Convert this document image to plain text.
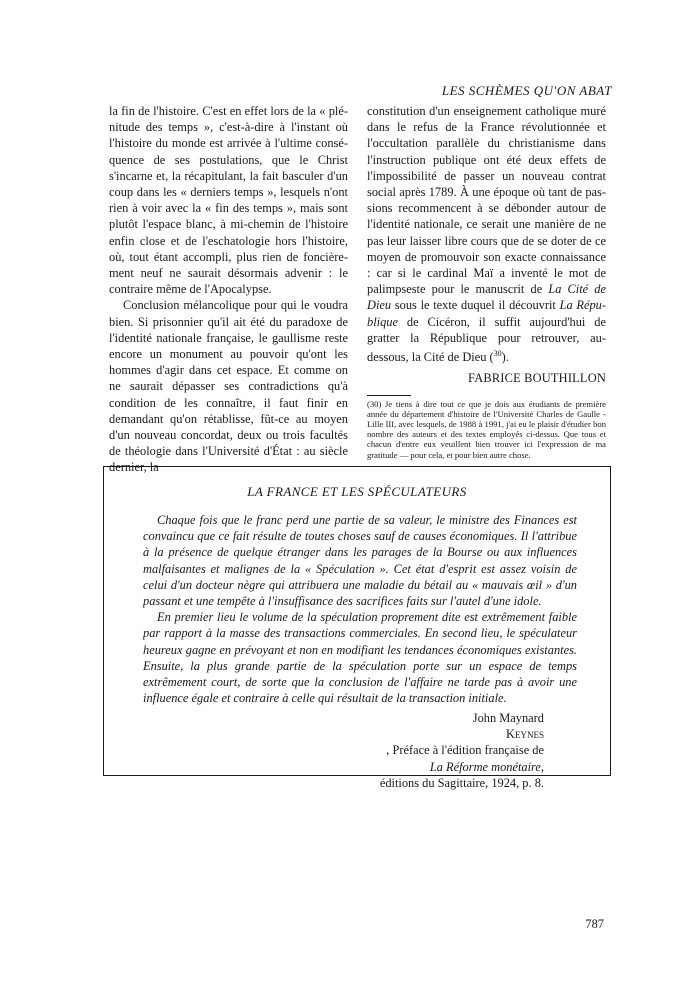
LES SCHÈMES QU'ON ABAT

la fin de l'histoire. C'est en effet lors de la « plénitude des temps », c'est-à-dire à l'instant où l'histoire du monde est arrivée à l'ultime conséquence de ses postulations, que le Christ s'incarne et, la récapitulant, la fait basculer d'un coup dans les « derniers temps », lesquels n'ont rien à voir avec la « fin des temps », mais sont plutôt l'espace blanc, à mi-chemin de l'histoire enfin close et de l'eschatologie hors l'histoire, où, tout étant accompli, plus rien de foncièrement neuf ne saurait désormais advenir : le contraire même de l'Apocalypse.

Conclusion mélancolique pour qui le voudra bien. Si prisonnier qu'il ait été du paradoxe de l'identité nationale française, le gaullisme reste encore un monument au pouvoir qu'ont les hommes d'agir dans cet espace. Et comme on ne saurait dépasser ses contradictions qu'à condition de les connaître, il faut finir en demandant qu'on rétablisse, fût-ce au moyen d'un nouveau concordat, deux ou trois facultés de théologie dans l'Université d'État : au siècle dernier, la

constitution d'un enseignement catholique muré dans le refus de la France révolutionnée et l'occultation parallèle du christianisme dans l'instruction publique ont été deux effets de l'impossibilité de passer un nouveau contrat social après 1789. À une époque où tant de passions recommencent à se débonder autour de l'identité nationale, ce serait une manière de ne pas leur laisser libre cours que de se doter de ce moyen de promouvoir son exacte connaissance : car si le cardinal Maï a inventé le mot de palimpseste pour le manuscrit de La Cité de Dieu sous le texte duquel il découvrit La République de Cicéron, il suffit aujourd'hui de gratter la République pour retrouver, au-dessous, la Cité de Dieu ($^{30}$).

FABRICE BOUTHILLON
(30) Je tiens à dire tout ce que je dois aux étudiants de première année du département d'histoire de l'Université Charles de Gaulle - Lille III, avec lesquels, de 1988 à 1991, j'ai eu le plaisir d'étudier bon nombre des auteurs et des textes employés ci-dessus. Que tous et chacun d'entre eux veuillent bien trouver ici l'expression de ma gratitude — pour cela, et pour bien autre chose.
LA FRANCE ET LES SPÉCULATEURS

Chaque fois que le franc perd une partie de sa valeur, le ministre des Finances est convaincu que ce fait résulte de toutes choses sauf de causes économiques. Il l'attribue à la présence de quelque étranger dans les parages de la Bourse ou aux influences malfaisantes et malignes de la « Spéculation ». Cet état d'esprit est assez voisin de celui d'un docteur nègre qui attribuera une maladie du bétail au « mauvais œil » d'un passant et une tempête à l'insuffisance des sacrifices faits sur l'autel d'une idole.

En premier lieu le volume de la spéculation proprement dite est extrêmement faible par rapport à la masse des transactions commerciales. En second lieu, le spéculateur heureux gagne en prévoyant et non en modifiant les tendances économiques existantes. Ensuite, la plus grande partie de la spéculation porte sur un espace de temps extrêmement court, de sorte que la conclusion de l'affaire ne tarde pas à avoir une influence égale et contraire à celle qui résultait de la transaction initiale.

John Maynard
Keynes
, Préface à l'édition française de
La Réforme monétaire,
éditions du Sagittaire, 1924, p. 8.
787
